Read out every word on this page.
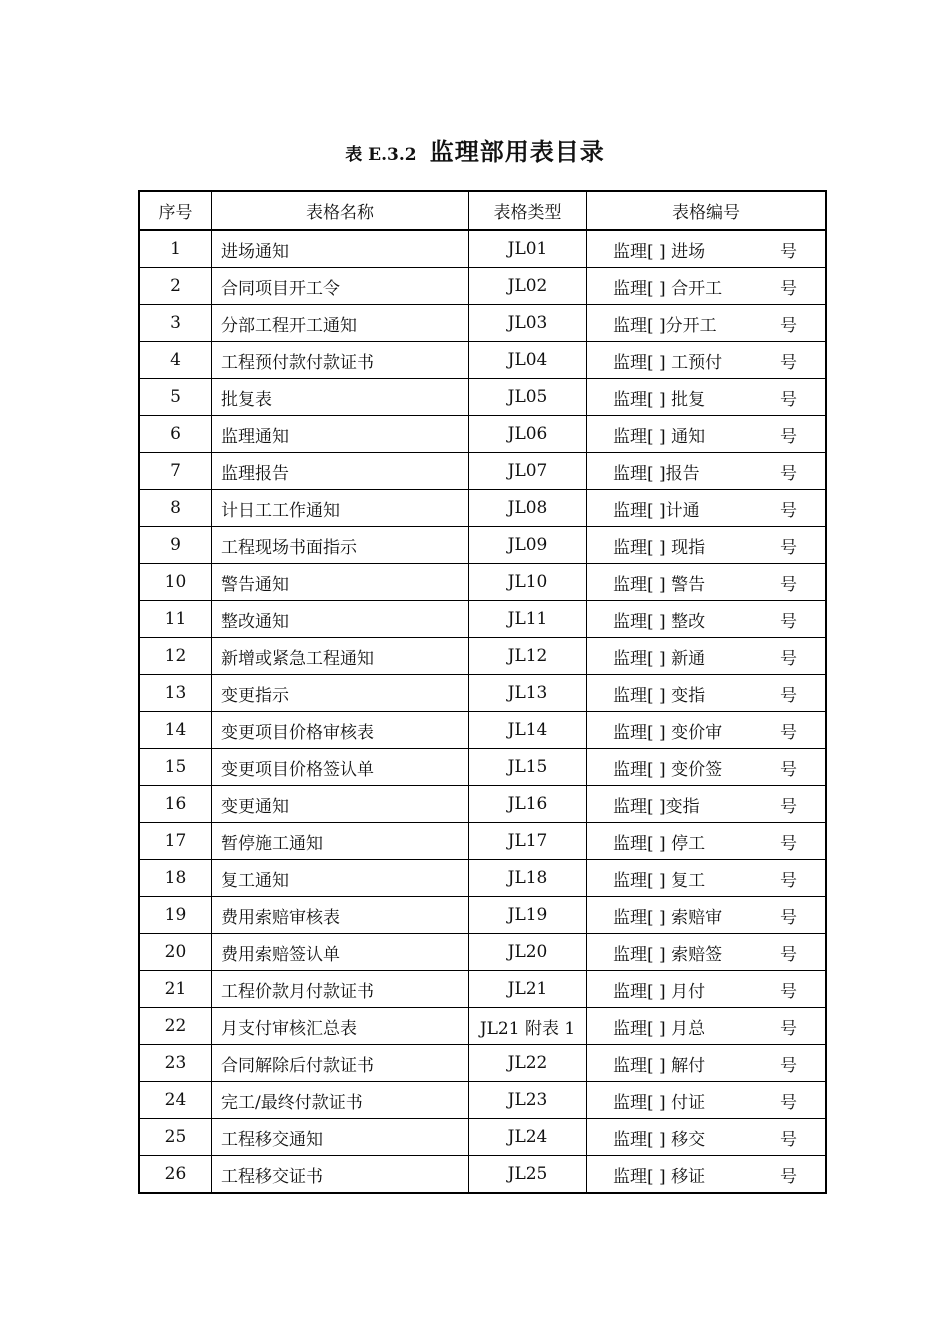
表 E.3.2 监理部用表目录
序号	表格名称	表格类型	表格编号
1	进场通知	JL01	监理[ ] 进场 号

2	合同项目开工令	JL02	监理[ ] 合开工 号

3	分部工程开工通知	JL03	监理[ ]分开工 号

4	工程预付款付款证书	JL04	监理[ ] 工预付 号

5	批复表	JL05	监理[ ] 批复 号

6	监理通知	JL06	监理[ ] 通知 号

7	监理报告	JL07	监理[ ]报告 号

8	计日工工作通知	JL08	监理[ ]计通 号

9	工程现场书面指示	JL09	监理[ ] 现指 号

10	警告通知	JL10	监理[ ] 警告 号

11	整改通知	JL11	监理[ ] 整改 号

12	新增或紧急工程通知	JL12	监理[ ] 新通 号

13	变更指示	JL13	监理[ ] 变指 号

14	变更项目价格审核表	JL14	监理[ ] 变价审 号

15	变更项目价格签认单	JL15	监理[ ] 变价签 号

16	变更通知	JL16	监理[ ]变指 号

17	暂停施工通知	JL17	监理[ ] 停工 号

18	复工通知	JL18	监理[ ] 复工 号

19	费用索赔审核表	JL19	监理[ ] 索赔审 号

20	费用索赔签认单	JL20	监理[ ] 索赔签 号

21	工程价款月付款证书	JL21	监理[ ] 月付 号

22	月支付审核汇总表	JL21 附表 1	监理[ ] 月总 号

23	合同解除后付款证书	JL22	监理[ ] 解付 号

24	完工/最终付款证书	JL23	监理[ ] 付证 号

25	工程移交通知	JL24	监理[ ] 移交 号

26	工程移交证书	JL25	监理[ ] 移证 号
